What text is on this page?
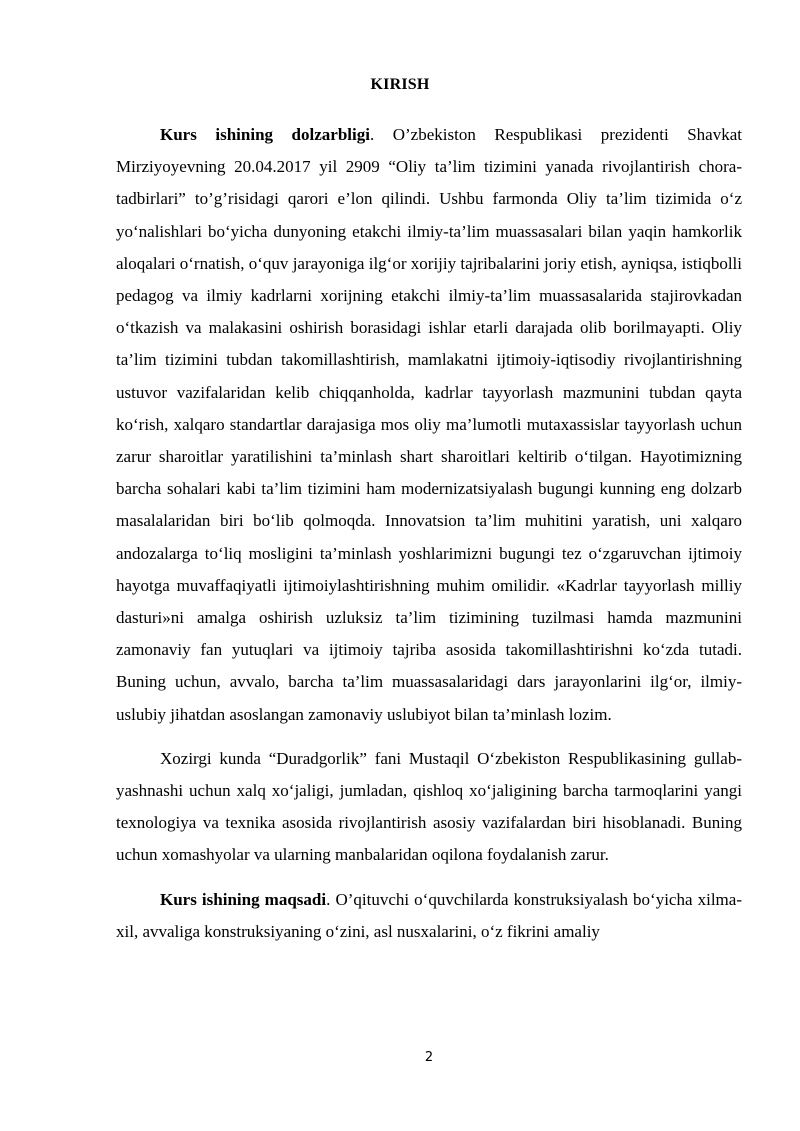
KIRISH

Kurs ishining dolzarbligi. O’zbekiston Respublikasi prezidenti Shavkat Mirziyoyevning 20.04.2017 yil 2909 “Oliy ta’lim tizimini yanada rivojlantirish chora-tadbirlari” to’g’risidagi qarori e’lon qilindi. Ushbu farmonda Oliy ta’lim tizimida o‘z yo‘nalishlari bo‘yicha dunyoning etakchi ilmiy-ta’lim muassasalari bilan yaqin hamkorlik aloqalari o‘rnatish, o‘quv jarayoniga ilg‘or xorijiy tajribalarini joriy etish, ayniqsa, istiqbolli pedagog va ilmiy kadrlarni xorijning etakchi ilmiy-ta’lim muassasalarida stajirovkadan o‘tkazish va malakasini oshirish borasidagi ishlar etarli darajada olib borilmayapti. Oliy ta’lim tizimini tubdan takomillashtirish, mamlakatni ijtimoiy-iqtisodiy rivojlantirishning ustuvor vazifalaridan kelib chiqqanholda, kadrlar tayyorlash mazmunini tubdan qayta ko‘rish, xalqaro standartlar darajasiga mos oliy ma’lumotli mutaxassislar tayyorlash uchun zarur sharoitlar yaratilishini ta’minlash shart sharoitlari keltirib o‘tilgan. Hayotimizning barcha sohalari kabi ta’lim tizimini ham modernizatsiyalash bugungi kunning eng dolzarb masalalaridan biri bo‘lib qolmoqda. Innovatsion ta’lim muhitini yaratish, uni xalqaro andozalarga to‘liq mosligini ta’minlash yoshlarimizni bugungi tez o‘zgaruvchan ijtimoiy hayotga muvaffaqiyatli ijtimoiylashtirishning muhim omilidir. «Kadrlar tayyorlash milliy dasturi»ni amalga oshirish uzluksiz ta’lim tizimining tuzilmasi hamda mazmunini zamonaviy fan yutuqlari va ijtimoiy tajriba asosida takomillashtirishni ko‘zda tutadi. Buning uchun, avvalo, barcha ta’lim muassasalaridagi dars jarayonlarini ilg‘or, ilmiy-uslubiy jihatdan asoslangan zamonaviy uslubiyot bilan ta’minlash lozim.

Xozirgi kunda “Duradgorlik” fani Mustaqil O‘zbekiston Respublikasining gullab-yashnashi uchun xalq xo‘jaligi, jumladan, qishloq xo‘jaligining barcha tarmoqlarini yangi texnologiya va texnika asosida rivojlantirish asosiy vazifalardan biri hisoblanadi. Buning uchun xomashyolar va ularning manbalaridan oqilona foydalanish zarur.

Kurs ishining maqsadi. O’qituvchi o‘quvchilarda konstruksiyalash bo‘yicha xilma-xil, avvaliga konstruksiyaning o‘zini, asl nusxalarini, o‘z fikrini amaliy

2
